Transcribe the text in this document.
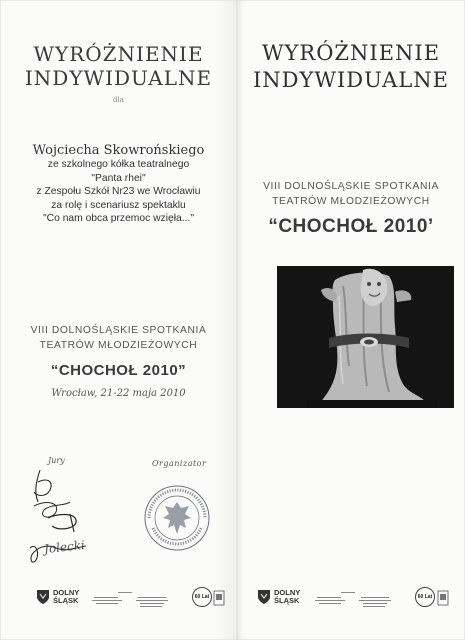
WYRÓŻNIENIE
INDYWIDUALNE
dla
Wojciecha Skowrońskiego
ze szkolnego kółka teatralnego
"Panta rhei"
z Zespołu Szkół Nr23 we Wrocławiu
za rolę i scenariusz spektaklu
"Co nam obca przemoc wzięła..."
VIII DOLNOŚLĄSKIE SPOTKANIA
TEATRÓW MŁODZIEŻOWYCH
“CHOCHOŁ 2010”
Wrocław, 21-22 maja 2010
Jury	Organizator
Jolecki
DOLNY
ŚLĄSK	60 Lat
WYRÓŻNIENIE
INDYWIDUALNE
VIII DOLNOŚLĄSKIE SPOTKANIA
TEATRÓW MŁODZIEŻOWYCH
“CHOCHOŁ 2010’
DOLNY
ŚLĄSK	60 Lat
